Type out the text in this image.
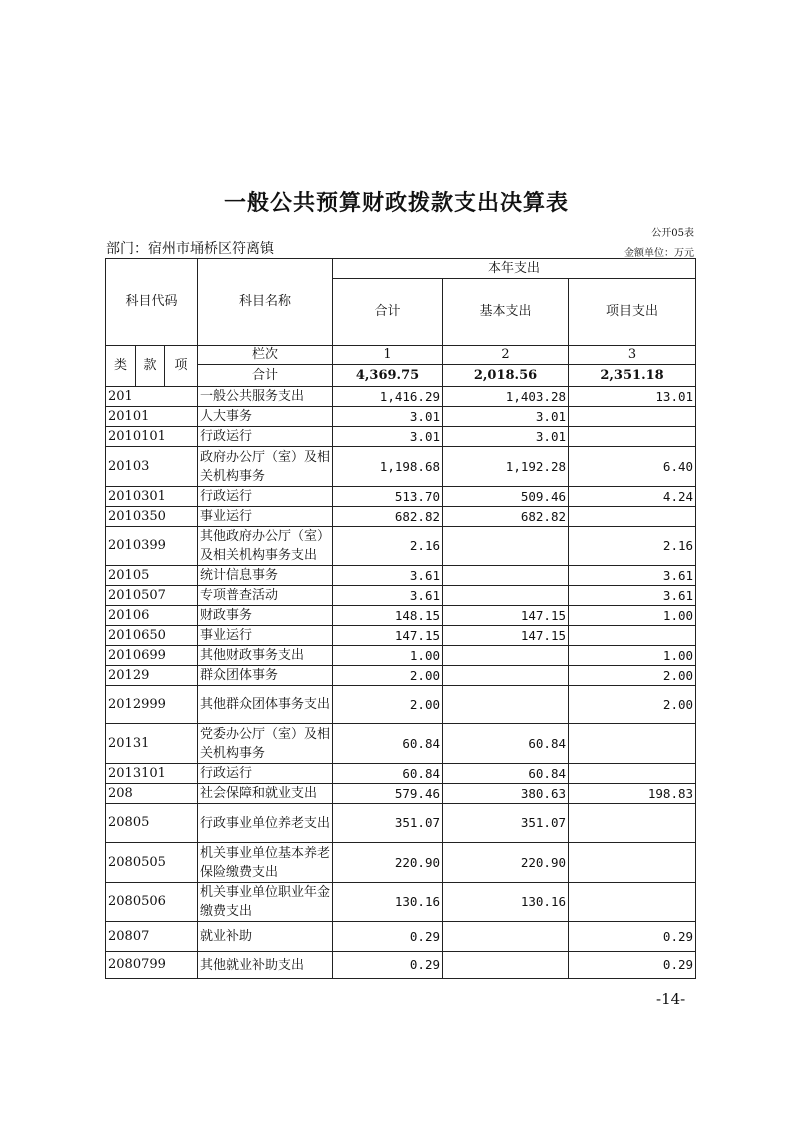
一般公共预算财政拨款支出决算表
公开05表
部门：宿州市埇桥区符离镇	金额单位：万元
科目代码			科目名称	本年支出		
				合计	基本支出	项目支出
类	款	项	栏次	1	2	3
			合计	4,369.75	2,018.56	2,351.18
201			一般公共服务支出	1,416.29	1,403.28	13.01
20101			人大事务	3.01	3.01	
2010101			行政运行	3.01	3.01	
20103			政府办公厅（室）及相关机构事务	1,198.68	1,192.28	6.40
2010301			行政运行	513.70	509.46	4.24
2010350			事业运行	682.82	682.82	
2010399			其他政府办公厅（室）及相关机构事务支出	2.16		2.16
20105			统计信息事务	3.61		3.61
2010507			专项普查活动	3.61		3.61
20106			财政事务	148.15	147.15	1.00
2010650			事业运行	147.15	147.15	
2010699			其他财政事务支出	1.00		1.00
20129			群众团体事务	2.00		2.00
2012999			其他群众团体事务支出	2.00		2.00
20131			党委办公厅（室）及相关机构事务	60.84	60.84	
2013101			行政运行	60.84	60.84	
208			社会保障和就业支出	579.46	380.63	198.83
20805			行政事业单位养老支出	351.07	351.07	
2080505			机关事业单位基本养老保险缴费支出	220.90	220.90	
2080506			机关事业单位职业年金缴费支出	130.16	130.16	
20807			就业补助	0.29		0.29
2080799			其他就业补助支出	0.29		0.29
-14-
